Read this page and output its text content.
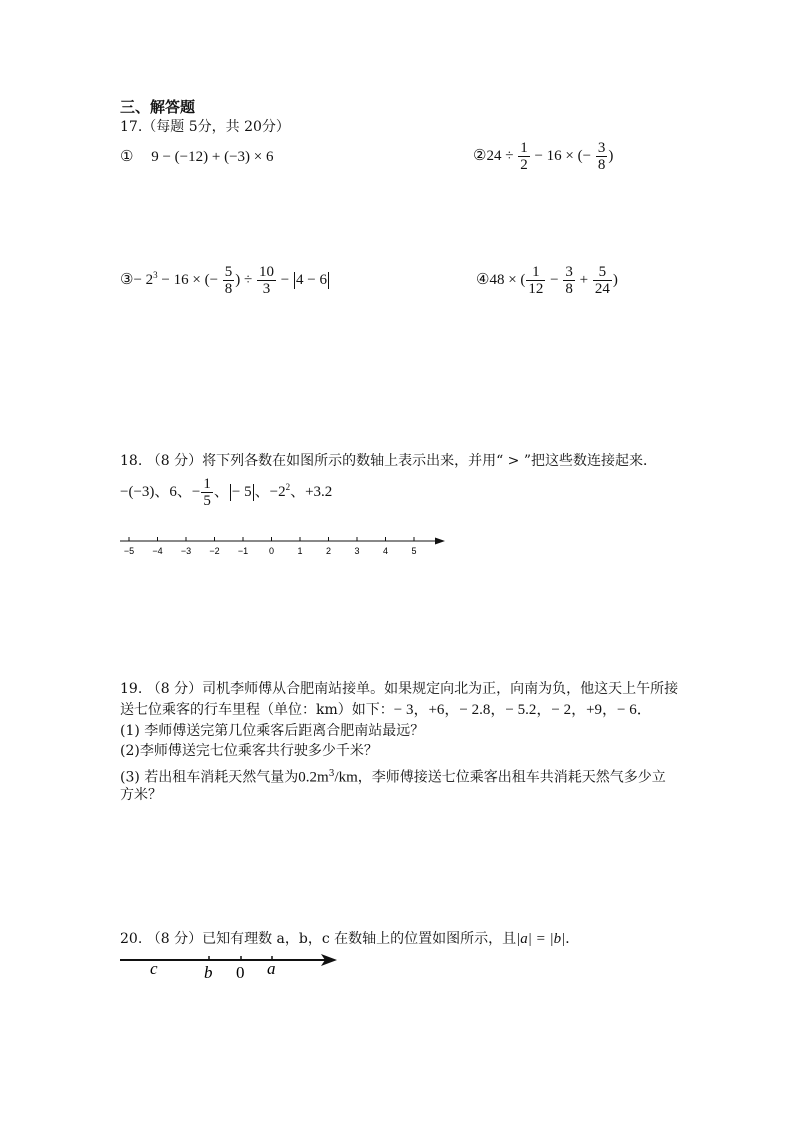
三、解答题
17.（每题 5分，共 20分）
① 9 − (−12) + (−3) × 6	②24 ÷ $\frac{1}{2} - 16$ × (− $\frac{3}{8}$ )
③− $2^3 - 16$ × (− $\frac{5}{8}$ ) ÷ $\frac{10}{3} - 4 - 6$	④48 × ( $\frac{1}{12} - \frac{3}{8} + \frac{5}{24}$ )
18. （8 分）将下列各数在如图所示的数轴上表示出来，并用“ > ”把这些数连接起来．
−(−3)、6、− $\frac{1}{5}$ 、 − 5 、$-2^2$、+3.2
−5 −4 −3 −2 −1 0	1	2	3	4	5
19. （8 分）司机李师傅从合肥南站接单。如果规定向北为正，向南为负，他这天上午所接
送七位乘客的行车里程（单位：km）如下：− 3，+6，− 2.8，− 5.2，− 2，+9，− 6．
(1) 李师傅送完第几位乘客后距离合肥南站最远？
(2)李师傅送完七位乘客共行驶多少千米？
(3) 若出租车消耗天然气量为$0.2m^3/km$，李师傅接送七位乘客出租车共消耗天然气多少立
方米？
20. （8 分）已知有理数 a，b，c 在数轴上的位置如图所示，且|a| = |b|．
c	b 0 a
